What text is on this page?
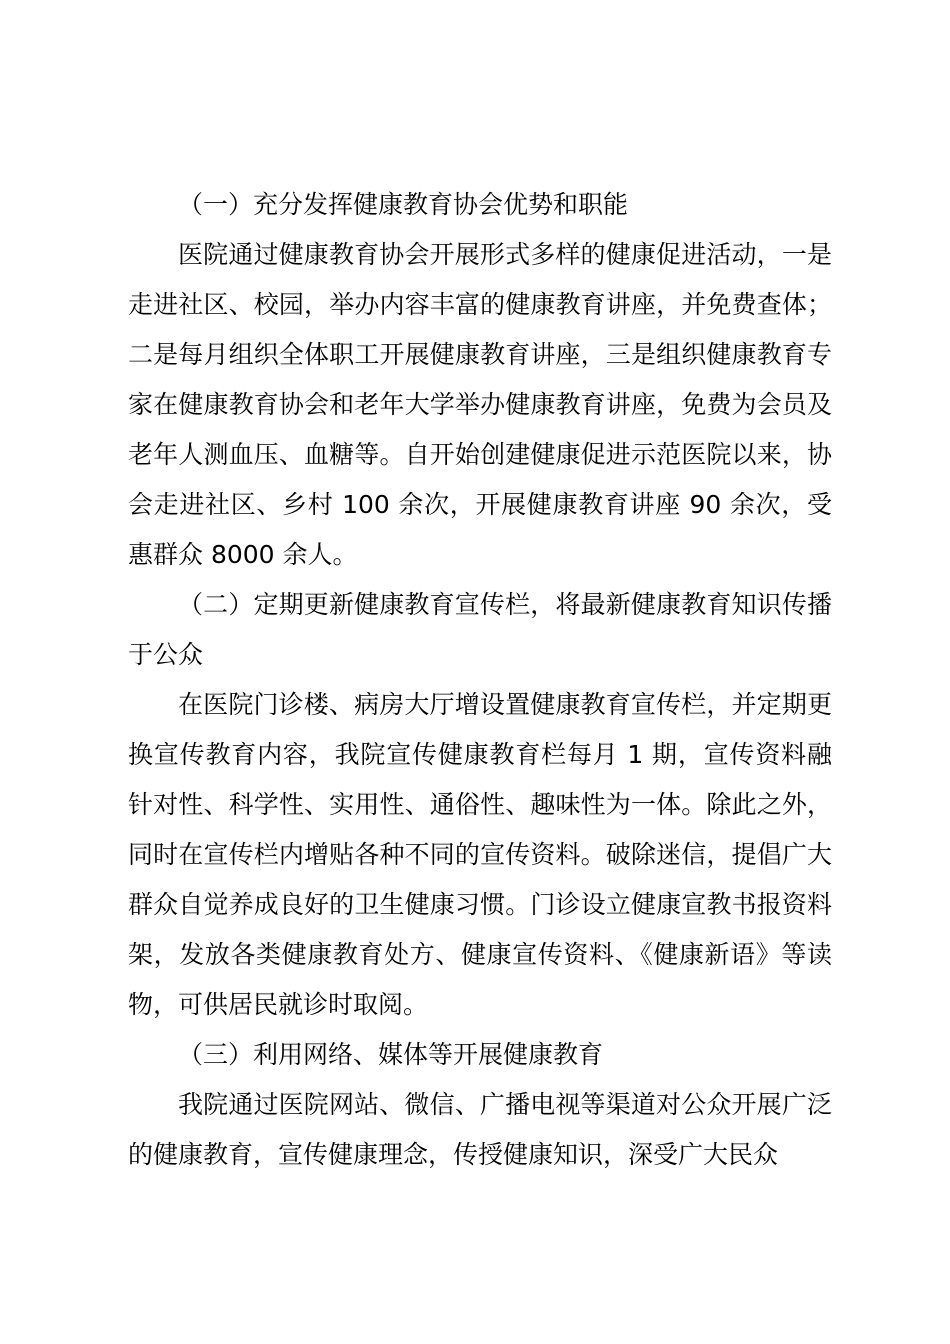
（一）充分发挥健康教育协会优势和职能

医院通过健康教育协会开展形式多样的健康促进活动，一是走进社区、校园，举办内容丰富的健康教育讲座，并免费查体；二是每月组织全体职工开展健康教育讲座，三是组织健康教育专家在健康教育协会和老年大学举办健康教育讲座，免费为会员及老年人测血压、血糖等。自开始创建健康促进示范医院以来，协会走进社区、乡村 100 余次，开展健康教育讲座 90 余次，受惠群众 8000 余人。

（二）定期更新健康教育宣传栏，将最新健康教育知识传播于公众

在医院门诊楼、病房大厅增设置健康教育宣传栏，并定期更换宣传教育内容，我院宣传健康教育栏每月 1 期，宣传资料融针对性、科学性、实用性、通俗性、趣味性为一体。除此之外，同时在宣传栏内增贴各种不同的宣传资料。破除迷信，提倡广大群众自觉养成良好的卫生健康习惯。门诊设立健康宣教书报资料架，发放各类健康教育处方、健康宣传资料、《健康新语》等读物，可供居民就诊时取阅。

（三）利用网络、媒体等开展健康教育

我院通过医院网站、微信、广播电视等渠道对公众开展广泛的健康教育，宣传健康理念，传授健康知识，深受广大民众
